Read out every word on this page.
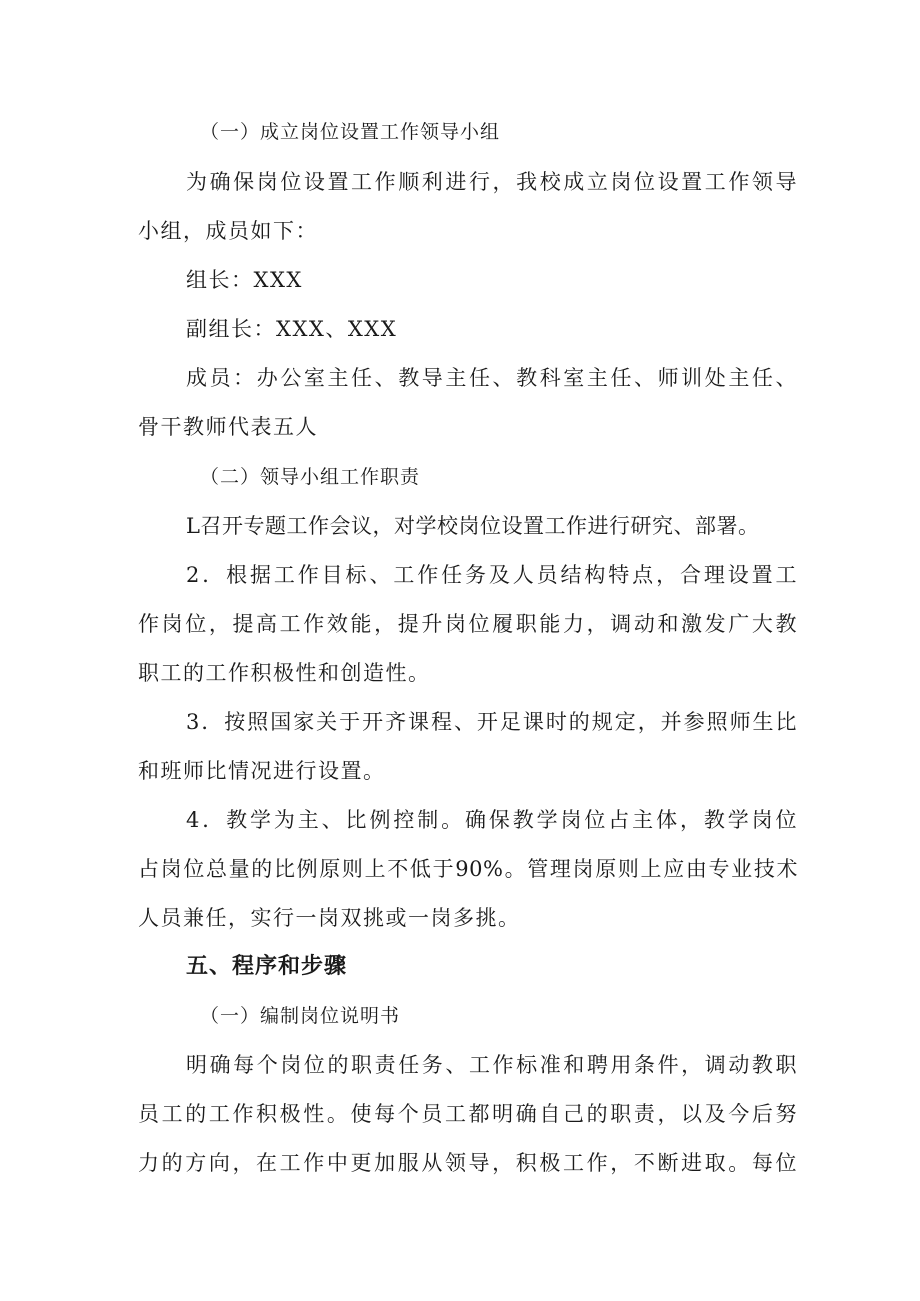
（一）成立岗位设置工作领导小组
为确保岗位设置工作顺利进行，我校成立岗位设置工作领导
小组，成员如下：
组长：XXX
副组长：XXX、XXX
成员：办公室主任、教导主任、教科室主任、师训处主任、
骨干教师代表五人
（二）领导小组工作职责
L召开专题工作会议，对学校岗位设置工作进行研究、部署。
2．根据工作目标、工作任务及人员结构特点，合理设置工
作岗位，提高工作效能，提升岗位履职能力，调动和激发广大教
职工的工作积极性和创造性。
3．按照国家关于开齐课程、开足课时的规定，并参照师生比
和班师比情况进行设置。
4．教学为主、比例控制。确保教学岗位占主体，教学岗位
占岗位总量的比例原则上不低于90%。管理岗原则上应由专业技术
人员兼任，实行一岗双挑或一岗多挑。
五、程序和步骤
（一）编制岗位说明书
明确每个岗位的职责任务、工作标准和聘用条件，调动教职
员工的工作积极性。使每个员工都明确自己的职责，以及今后努
力的方向，在工作中更加服从领导，积极工作，不断进取。每位
